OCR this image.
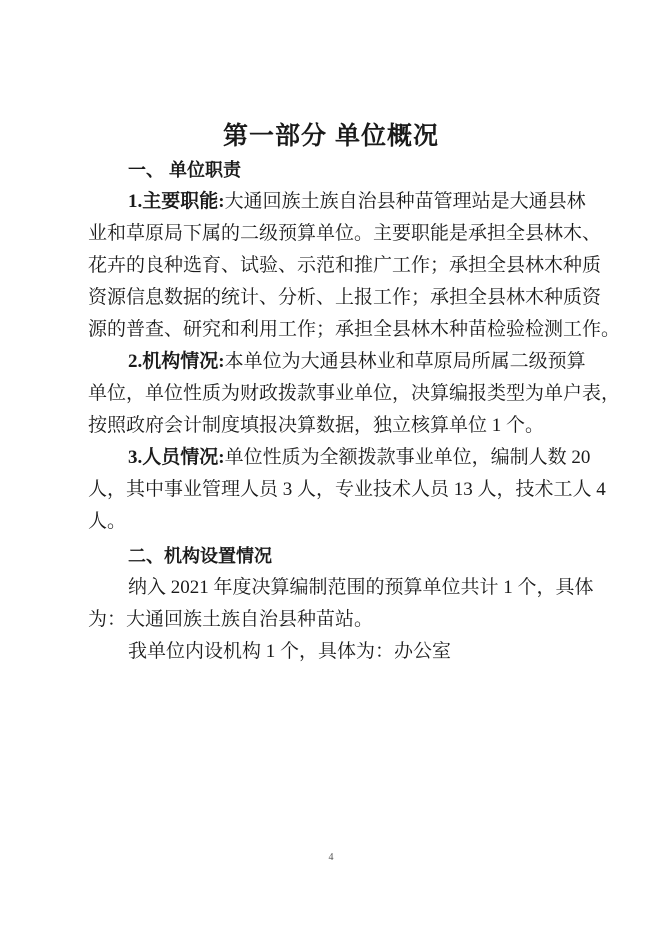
第一部分 单位概况
一、 单位职责
1.主要职能:大通回族土族自治县种苗管理站是大通县林
业和草原局下属的二级预算单位。主要职能是承担全县林木、
花卉的良种选育、试验、示范和推广工作；承担全县林木种质
资源信息数据的统计、分析、上报工作；承担全县林木种质资
源的普查、研究和利用工作；承担全县林木种苗检验检测工作。
2.机构情况:本单位为大通县林业和草原局所属二级预算
单位，单位性质为财政拨款事业单位，决算编报类型为单户表，
按照政府会计制度填报决算数据，独立核算单位 1 个。
3.人员情况:单位性质为全额拨款事业单位，编制人数 20
人，其中事业管理人员 3 人，专业技术人员 13 人，技术工人 4
人。
二、机构设置情况
纳入 2021 年度决算编制范围的预算单位共计 1 个，具体
为：大通回族土族自治县种苗站。
我单位内设机构 1 个，具体为：办公室
4
